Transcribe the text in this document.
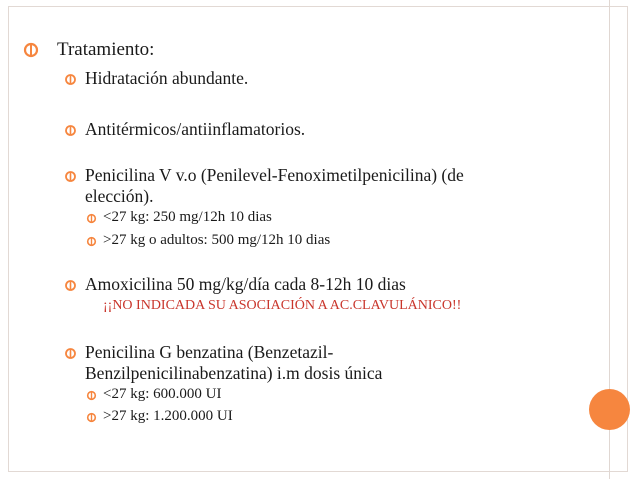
Tratamiento:
Hidratación abundante.
Antitérmicos/antiinflamatorios.
Penicilina V v.o (Penilevel-Fenoximetilpenicilina) (de
elección).
<27 kg: 250 mg/12h 10 dias
>27 kg o adultos: 500 mg/12h 10 dias
Amoxicilina 50 mg/kg/día cada 8-12h 10 dias
¡¡NO INDICADA SU ASOCIACIÓN A AC.CLAVULÁNICO!!
Penicilina G benzatina (Benzetazil-
Benzilpenicilinabenzatina) i.m dosis única
<27 kg: 600.000 UI
>27 kg: 1.200.000 UI
